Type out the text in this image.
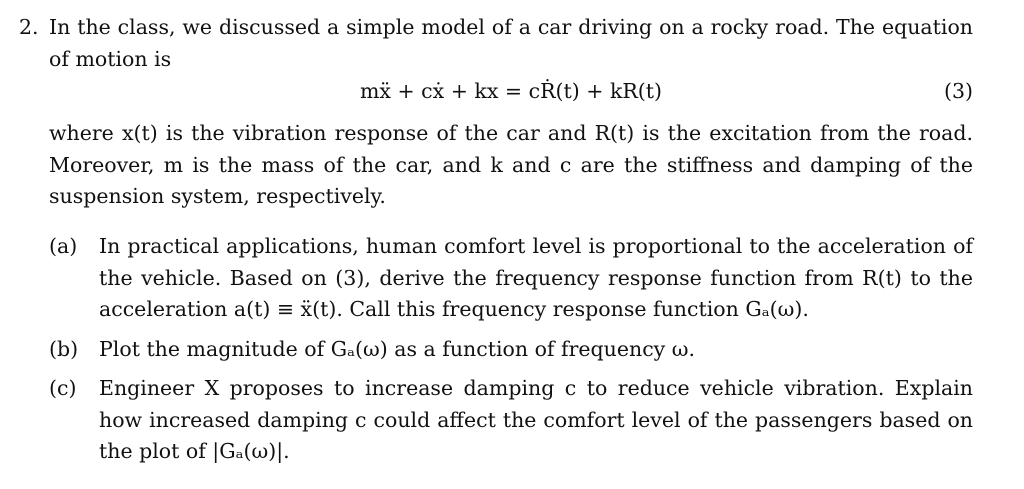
2. In the class, we discussed a simple model of a car driving on a rocky road. The equation of motion is
mẍ + cẋ + kx = cṘ(t) + kR(t)	(3)
where x(t) is the vibration response of the car and R(t) is the excitation from the road. Moreover, m is the mass of the car, and k and c are the stiffness and damping of the suspension system, respectively.
(a) In practical applications, human comfort level is proportional to the acceleration of the vehicle. Based on (3), derive the frequency response function from R(t) to the acceleration a(t) ≡ ẍ(t). Call this frequency response function Gₐ(ω).
(b) Plot the magnitude of Gₐ(ω) as a function of frequency ω.
(c) Engineer X proposes to increase damping c to reduce vehicle vibration. Explain how increased damping c could affect the comfort level of the passengers based on the plot of |Gₐ(ω)|.
